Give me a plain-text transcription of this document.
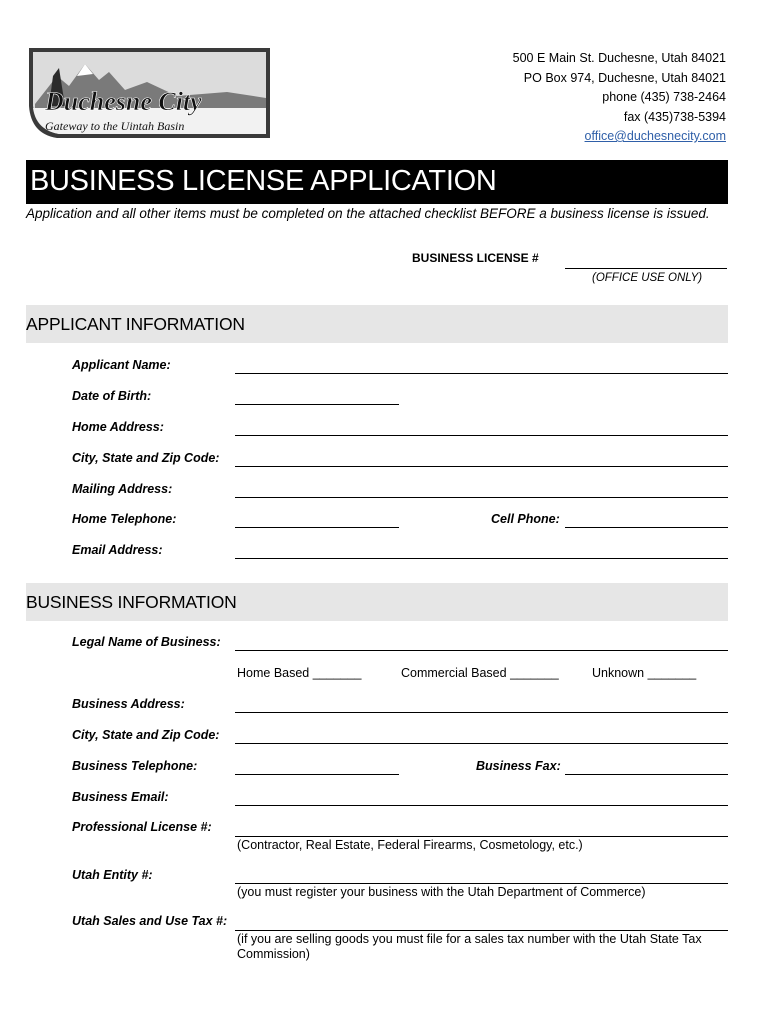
Duchesne City
Gateway to the Uintah Basin
500 E Main St. Duchesne, Utah 84021
PO Box 974, Duchesne, Utah 84021
phone (435) 738-2464
fax (435)738-5394
office@duchesnecity.com
BUSINESS LICENSE APPLICATION
Application and all other items must be completed on the attached checklist BEFORE a business license is issued.
BUSINESS LICENSE #
(OFFICE USE ONLY)
APPLICANT INFORMATION
Applicant Name:
Date of Birth:
Home Address:
City, State and Zip Code:
Mailing Address:
Home Telephone:	Cell Phone:
Email Address:
BUSINESS INFORMATION
Legal Name of Business:
Home Based _______	Commercial Based _______	Unknown _______
Business Address:
City, State and Zip Code:
Business Telephone:	Business Fax:
Business Email:
Professional License #:
(Contractor, Real Estate, Federal Firearms, Cosmetology, etc.)
Utah Entity #:
(you must register your business with the Utah Department of Commerce)
Utah Sales and Use Tax #:
(if you are selling goods you must file for a sales tax number with the Utah State Tax Commission)
